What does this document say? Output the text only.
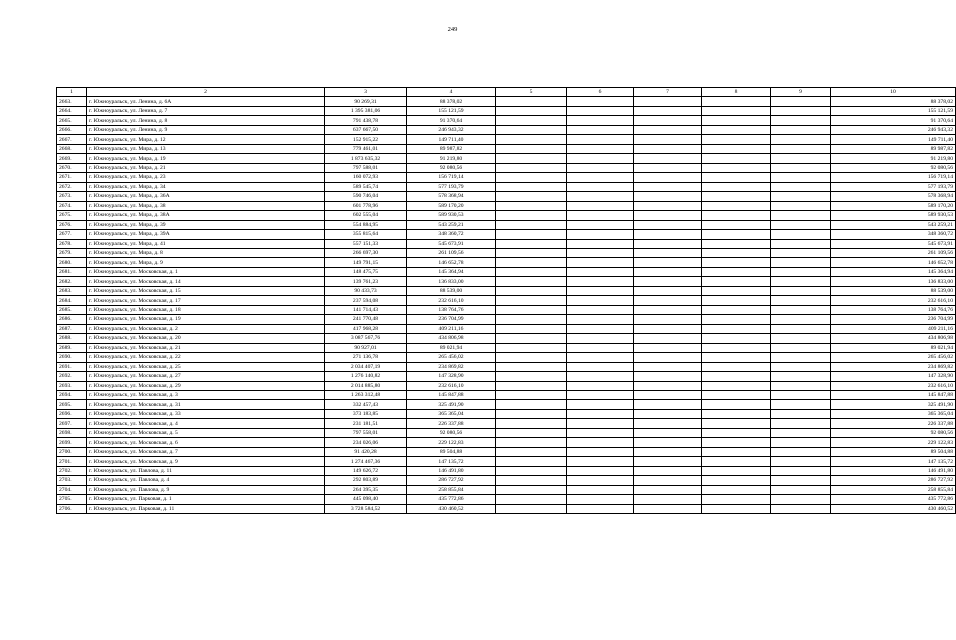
249
1	2	3	4	5	6	7	8	9	10
2663.	г. Южноуральск, ул. Ленина, д. 6А	90 269,31	88 378,02						88 378,02
2664.	г. Южноуральск, ул. Ленина, д. 7	1 395 381,06	155 121,59						155 121,59
2665.	г. Южноуральск, ул. Ленина, д. 8	791 438,78	91 370,64						91 370,64
2666.	г. Южноуральск, ул. Ленина, д. 9	637 667,50	246 943,32						246 943,32
2667.	г. Южноуральск, ул. Мира, д. 12	152 915,22	149 711,40						149 711,40
2668.	г. Южноуральск, ул. Мира, д. 13	779 461,01	89 987,82						89 987,82
2669.	г. Южноуральск, ул. Мира, д. 19	1 873 635,32	91 219,80						91 219,80
2670.	г. Южноуральск, ул. Мира, д. 21	797 588,01	92 080,56						92 080,56
2671.	г. Южноуральск, ул. Мира, д. 23	160 072,93	156 719,14						156 719,14
2672.	г. Южноуральск, ул. Мира, д. 34	589 545,74	577 193,79						577 193,79
2673.	г. Южноуральск, ул. Мира, д. 36А	590 746,04	578 368,94						578 368,94
2674.	г. Южноуральск, ул. Мира, д. 38	601 778,96	589 170,20						589 170,20
2675.	г. Южноуральск, ул. Мира, д. 38А	602 555,04	589 930,53						589 930,53
2676.	г. Южноуральск, ул. Мира, д. 39	554 884,95	543 259,21						543 259,21
2677.	г. Южноуральск, ул. Мира, д. 39А	355 815,64	348 360,72						348 360,72
2678.	г. Южноуральск, ул. Мира, д. 41	557 151,33	545 673,91						545 673,91
2679.	г. Южноуральск, ул. Мира, д. 8	266 697,30	261 109,56						261 109,56
2680.	г. Южноуральск, ул. Мира, д. 9	149 791,15	146 652,78						146 652,78
2681.	г. Южноуральск, ул. Московская, д. 1	148 475,75	145 364,94						145 364,94
2682.	г. Южноуральск, ул. Московская, д. 14	139 761,23	136 833,00						136 833,00
2683.	г. Южноуральск, ул. Московская, д. 15	90 433,73	88 539,00						88 539,00
2684.	г. Южноуральск, ул. Московская, д. 17	237 594,08	232 616,10						232 616,10
2685.	г. Южноуральск, ул. Московская, д. 18	141 714,43	138 764,76						138 764,76
2686.	г. Южноуральск, ул. Московская, д. 19	241 770,48	236 704,99						236 704,99
2687.	г. Южноуральск, ул. Московская, д. 2	417 968,28	409 211,16						409 211,16
2688.	г. Южноуральск, ул. Московская, д. 20	3 087 567,76	434 806,98						434 806,98
2689.	г. Южноуральск, ул. Московская, д. 21	90 927,01	89 021,94						89 021,94
2690.	г. Южноуральск, ул. Московская, д. 22	271 136,78	265 456,02						265 456,02
2691.	г. Южноуральск, ул. Московская, д. 25	2 034 407,19	234 869,82						234 869,82
2692.	г. Южноуральск, ул. Московская, д. 27	1 276 140,82	147 328,90						147 328,90
2693.	г. Южноуральск, ул. Московская, д. 29	2 014 885,80	232 616,10						232 616,10
2694.	г. Южноуральск, ул. Московская, д. 3	1 263 312,48	145 847,88						145 847,88
2695.	г. Южноуральск, ул. Московская, д. 31	332 457,43	325 491,90						325 491,90
2696.	г. Южноуральск, ул. Московская, д. 33	373 183,85	365 365,04						365 365,04
2697.	г. Южноуральск, ул. Московская, д. 4	231 181,51	226 337,88						226 337,88
2698.	г. Южноуральск, ул. Московская, д. 5	797 558,01	92 080,56						92 080,56
2699.	г. Южноуральск, ул. Московская, д. 6	234 026,06	229 122,83						229 122,83
2700.	г. Южноуральск, ул. Московская, д. 7	91 420,28	89 504,88						89 504,88
2701.	г. Южноуральск, ул. Московская, д. 9	1 274 467,36	147 135,72						147 135,72
2702.	г. Южноуральск, ул. Павлова, д. 11	149 626,72	146 491,80						146 491,80
2703.	г. Южноуральск, ул. Павлова, д. 4	292 803,89	286 727,92						286 727,92
2704.	г. Южноуральск, ул. Павлова, д. 9	264 395,35	258 855,84						258 855,84
2705.	г. Южноуральск, ул. Парковая, д. 1	445 098,40	435 772,86						435 772,86
2706.	г. Южноуральск, ул. Парковая, д. 11	3 728 584,52	430 460,52						430 460,52
